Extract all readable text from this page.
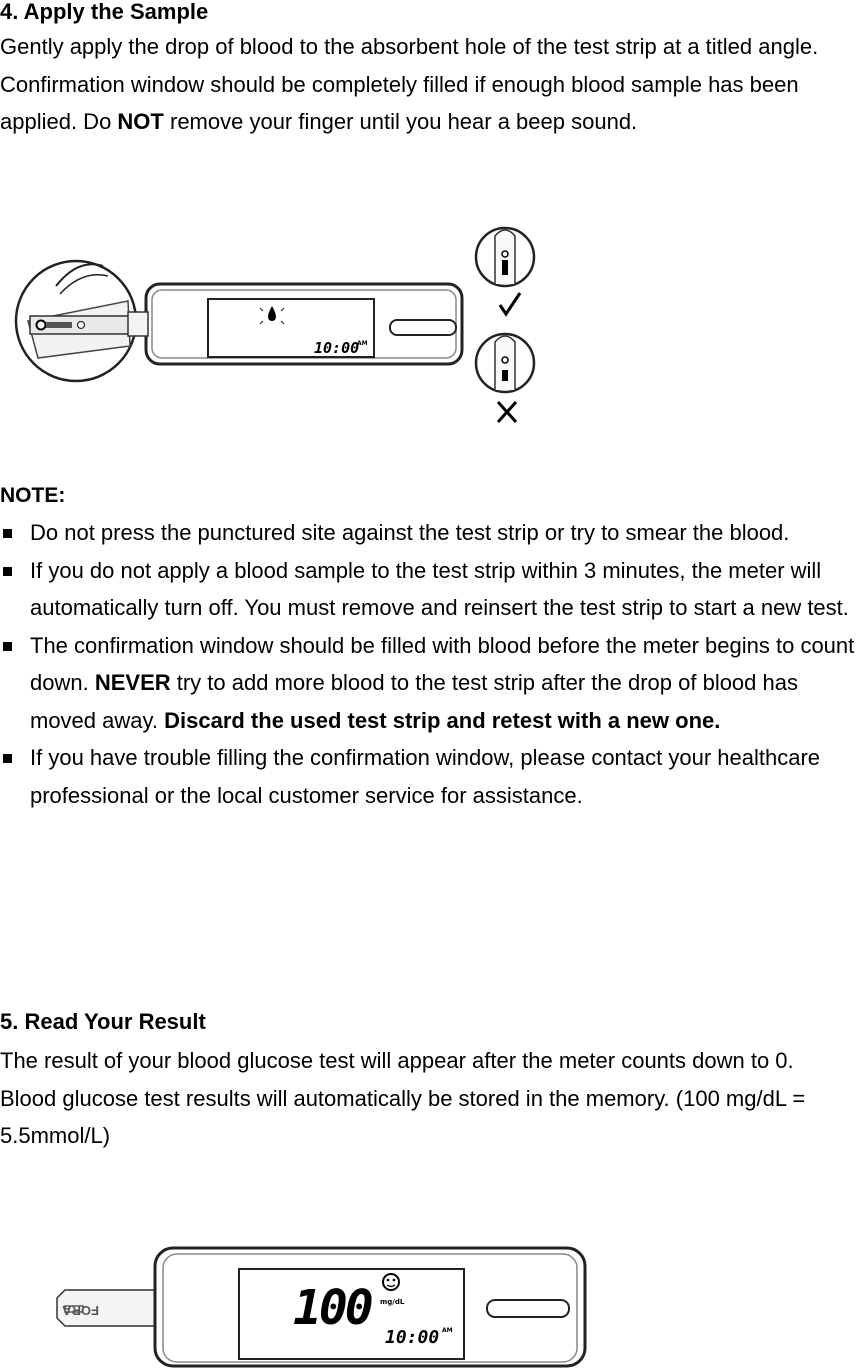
4. Apply the Sample

Gently apply the drop of blood to the absorbent hole of the test strip at a titled angle. Confirmation window should be completely filled if enough blood sample has been applied. Do NOT remove your finger until you hear a beep sound.

10:00
AM
NOTE:
Do not press the punctured site against the test strip or try to smear the blood.
If you do not apply a blood sample to the test strip within 3 minutes, the meter will automatically turn off. You must remove and reinsert the test strip to start a new test.
The confirmation window should be filled with blood before the meter begins to count down. NEVER try to add more blood to the test strip after the drop of blood has moved away. Discard the used test strip and retest with a new one.
If you have trouble filling the confirmation window, please contact your healthcare professional or the local customer service for assistance.
5. Read Your Result

The result of your blood glucose test will appear after the meter counts down to 0. Blood glucose test results will automatically be stored in the memory. (100 mg/dL = 5.5mmol/L)

FORA	100 mg/dL
10:00 AM
